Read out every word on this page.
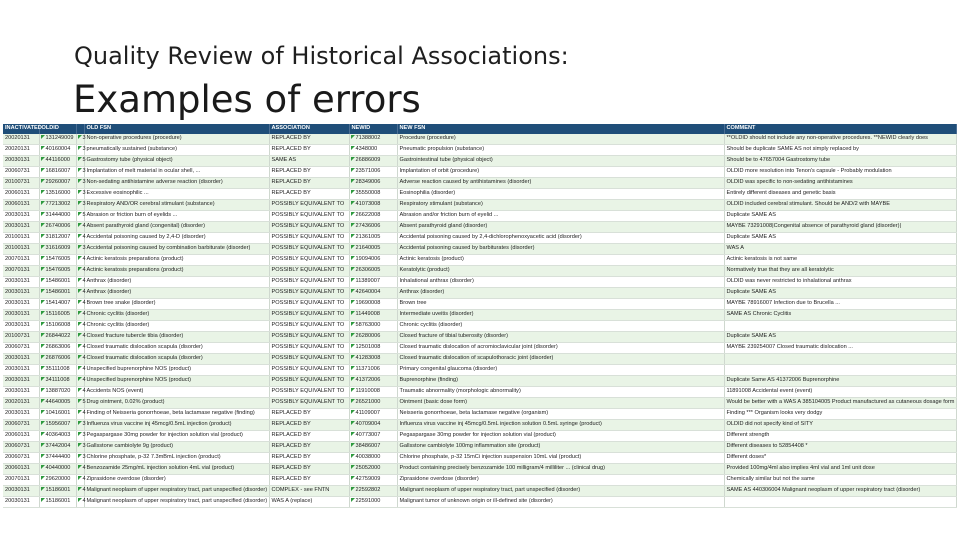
Quality Review of Historical Associations:
Examples of errors
INACTIVATED	OLDID		OLD FSN	ASSOCIATION	NEWID	NEW FSN	COMMENT
20020131	131249009	3	Non-operative procedures (procedure)	REPLACED BY	71388002	Procedure (procedure)	**OLDID should not include any non-operative procedures. **NEWID clearly does
20020131	40160004	3	pneumatically sustained (substance)	REPLACED BY	4348000	Pneumatic propulsion (substance)	Should be duplicate SAME AS not simply replaced by
20030131	44116000	5	Gastrostomy tube (physical object)	SAME AS	26886009	Gastrointestinal tube (physical object)	Should be to 47657004 Gastrostomy tube
20060731	16816007	3	Implantation of melt material in ocular shell, ...	REPLACED BY	23571006	Implantation of orbit (procedure)	OLDID more resolution into Tenon's capsule - Probably modulation
20100731	29260007	3	Non-sedating antihistamine adverse reaction (disorder)	REPLACED BY	28349006	Adverse reaction caused by antihistamines (disorder)	OLDID was specific to non-sedating antihistamines
20060131	13516000	3	Excessive eosinophilic ...	REPLACED BY	35550008	Eosinophilia (disorder)	Entirely different diseases and genetic basis
20060131	77213002	3	Respiratory AND/OR cerebral stimulant (substance)	POSSIBLY EQUIVALENT TO	41073008	Respiratory stimulant (substance)	OLDID included cerebral stimulant. Should be AND/2 with MAYBE
20030131	31444000	5	Abrasion or friction burn of eyelids ...	POSSIBLY EQUIVALENT TO	26622008	Abrasion and/or friction burn of eyelid ...	Duplicate SAME AS
20030131	26740006	4	Absent parathyroid gland (congenital) (disorder)	POSSIBLY EQUIVALENT TO	27436006	Absent parathyroid gland (disorder)	MAYBE 73291008|Congenital absence of parathyroid gland (disorder)|
20100131	31812007	4	Accidental poisoning caused by 2,4-D (disorder)	POSSIBLY EQUIVALENT TO	21361005	Accidental poisoning caused by 2,4-dichlorophenoxyacetic acid (disorder)	Duplicate SAME AS
20100131	31616009	3	Accidental poisoning caused by combination barbiturate (disorder)	POSSIBLY EQUIVALENT TO	21640005	Accidental poisoning caused by barbiturates (disorder)	WAS A
20070131	15476005	4	Actinic keratosis preparations (product)	POSSIBLY EQUIVALENT TO	19094006	Actinic keratosis (product)	Actinic keratosis is not same
20070131	15476005	4	Actinic keratosis preparations (product)	POSSIBLY EQUIVALENT TO	26306005	Keratolytic (product)	Normatively true that they are all keratolytic
20030131	15486001	4	Anthrax (disorder)	POSSIBLY EQUIVALENT TO	11389007	Inhalational anthrax (disorder)	OLDID was never restricted to inhalational anthrax
20030131	15486001	4	Anthrax (disorder)	POSSIBLY EQUIVALENT TO	42640004	Anthrax (disorder)	Duplicate SAME AS
20030131	15414007	4	Brown tree snake (disorder)	POSSIBLY EQUIVALENT TO	19690008	Brown tree	MAYBE 78916007 Infection due to Brucella ...
20030131	15116005	4	Chronic cyclitis (disorder)	POSSIBLY EQUIVALENT TO	11449008	Intermediate uveitis (disorder)	SAME AS Chronic Cyclitis
20030131	15106008	4	Chronic cyclitis (disorder)	POSSIBLY EQUIVALENT TO	58763000	Chronic cyclitis (disorder)	
20100731	26844022	4	Closed fracture tubercle tibia (disorder)	POSSIBLY EQUIVALENT TO	26280006	Closed fracture of tibial tuberosity (disorder)	Duplicate SAME AS
20060731	26863006	4	Closed traumatic dislocation scapula (disorder)	POSSIBLY EQUIVALENT TO	12501008	Closed traumatic dislocation of acromioclavicular joint (disorder)	MAYBE 239254007 Closed traumatic dislocation ...
20030131	26876006	4	Closed traumatic dislocation scapula (disorder)	POSSIBLY EQUIVALENT TO	41283008	Closed traumatic dislocation of scapulothoracic joint (disorder)	
20030131	35111008	4	Unspecified buprenorphine NOS (product)	POSSIBLY EQUIVALENT TO	11371006	Primary congenital glaucoma (disorder)	
20030131	34111008	4	Unspecified buprenorphine NOS (product)	POSSIBLY EQUIVALENT TO	41372006	Buprenorphine (finding)	Duplicate Same AS 41372006 Buprenorphine
20030131	13887020	4	Accidents NOS (event)	POSSIBLY EQUIVALENT TO	11910008	Traumatic abnormality (morphologic abnormality)	11891008 Accidental event (event)
20020131	44640005	5	Drug ointment, 0.02% (product)	POSSIBLY EQUIVALENT TO	26521000	Ointment (basic dose form)	Would be better with a WAS A 385104005 Product manufactured as cutaneous dosage form
20030131	10416001	4	Finding of Neisseria gonorrhoeae, beta lactamase negative (finding)	REPLACED BY	41109007	Neisseria gonorrhoeae, beta lactamase negative (organism)	Finding *** Organism looks very dodgy
20060731	15956007	3	Influenza virus vaccine inj 45mcg/0.5mL injection (product)	REPLACED BY	40709004	Influenza virus vaccine inj 45mcg/0.5mL injection solution 0.5mL syringe (product)	OLDID did not specify kind of SITY
20060131	40364003	3	Pegaspargase 30mg powder for injection solution vial (product)	REPLACED BY	40773007	Pegaspargase 30mg powder for injection solution vial (product)	Different strength
20060731	37442004	3	Gallsstone cambiolyte 9g (product)	REPLACED BY	38486007	Gallsstone cambiolyte 100mg inflammation site (product)	Different diseases to 52854408 *
20060731	37444400	3	Chlorine phosphate, p-32 7.3mBmL injection (product)	REPLACED BY	40038000	Chlorine phosphate, p-32 15mCi injection suspension 10mL vial (product)	Different doses*
20060131	40440000	4	Benzozamide 25mg/mL injection solution 4mL vial (product)	REPLACED BY	25052000	Product containing precisely benzozamide 100 milligram/4 milliliter ... (clinical drug)	Provided 100mg/4ml also implies 4ml vial and 1ml unit dose
20070131	29620000	4	Ziprasidone overdose (disorder)	REPLACED BY	42759009	Ziprasidone overdose (disorder)	Chemically similar but not the same
20030131	15186001	4	Malignant neoplasm of upper respiratory tract, part unspecified (disorder)	COMPLEX - see FNTN	22592802	Malignant neoplasm of upper respiratory tract, part unspecified (disorder)	SAME AS 440306004 Malignant neoplasm of upper respiratory tract (disorder)
20030131	15186001	4	Malignant neoplasm of upper respiratory tract, part unspecified (disorder)	WAS A (replace)	22591000	Malignant tumor of unknown origin or ill-defined site (disorder)	
